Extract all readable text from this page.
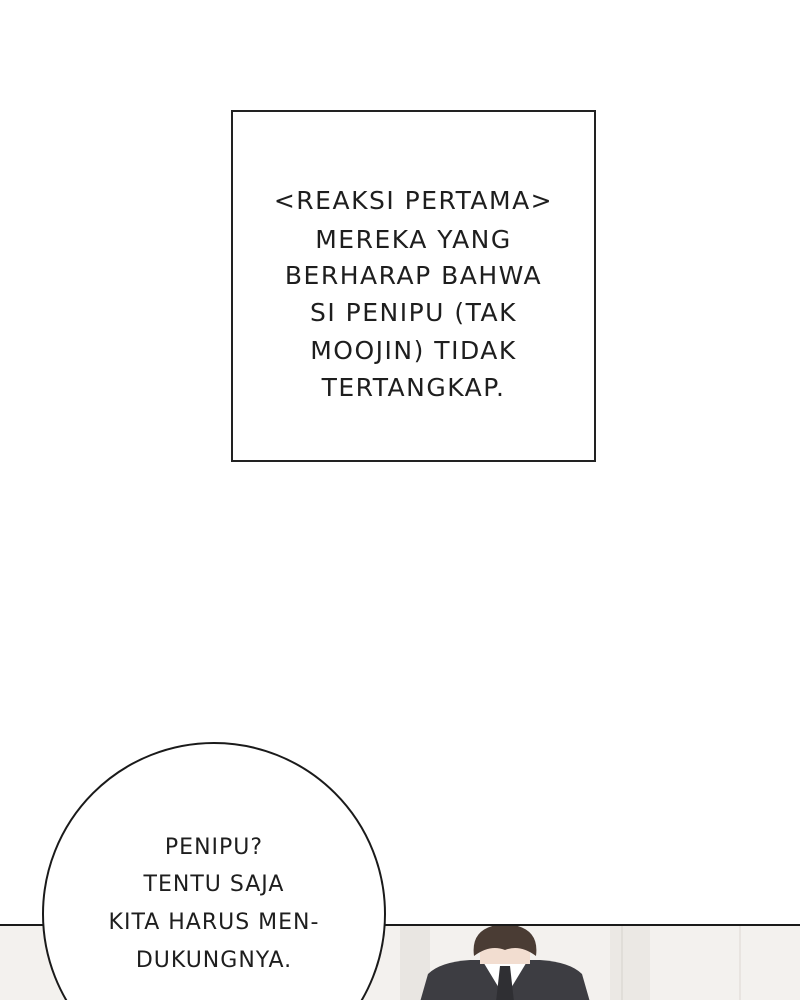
<REAKSI PERTAMA>
MEREKA YANG
BERHARAP BAHWA
SI PENIPU (TAK
MOOJIN) TIDAK
TERTANGKAP.
PENIPU?
TENTU SAJA
KITA HARUS MEN-
DUKUNGNYA.
